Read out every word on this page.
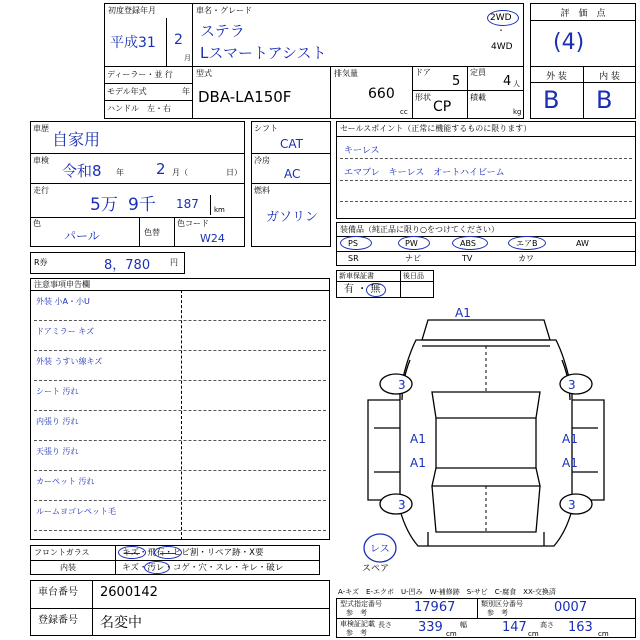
初度登録年月
平成31 2
月
車名・グレード
ステラ
Lスマートアシスト
2WD
・
4WD
ディーラー・並 行
モデル年式	年
ハンドル　左・右
型式
DBA-LA150F
排気量
660
cc
ドア
5
定員
4 人
形状
CP
積載
kg
評　価　点
(4)
外 装	内 装
B B
車歴
自家用
車検
令和8 年 2 月（	日）
走行
5万 9千 187 km
色
パール	色替
色コード
W24
シフト
CAT
冷房
AC
燃料
ガソリン
R券	8，780 円
セールスポイント（正常に機能するものに限ります）
キーレス
エマブレ　キーレス　オートハイビーム
装備品（純正品に限り○をつけてください）
PS	PW	ABS	エアB	AW
SR	ナビ	TV	カワ
新車保証書	後日品
有 ・ 無
注意事項申告欄
外装 小A・小U
ドアミラー キズ
外装 うすい線キズ
シート 汚れ
内張り 汚れ
天張り 汚れ
カーペット 汚れ
ルームヨゴレペット毛
A1
3	3
A1	A1
A1	A1
3	3
レス
スペア
フロントガラス
内装
キズ・飛石・ヒビ割・リペア跡・X要
キズ・汚レ・コゲ・穴・スレ・キレ・破レ
A-キズ　E-エクボ　U-凹み　W-補修跡　S-サビ　C-腐食　XX-交換済
型式指定番号
参　考	17967	類別区分番号
参　考	0007
車検証記載
参　考
長さ 339 cm
幅	147 cm
高さ 163 cm
車台番号 2600142
登録番号 名変中
